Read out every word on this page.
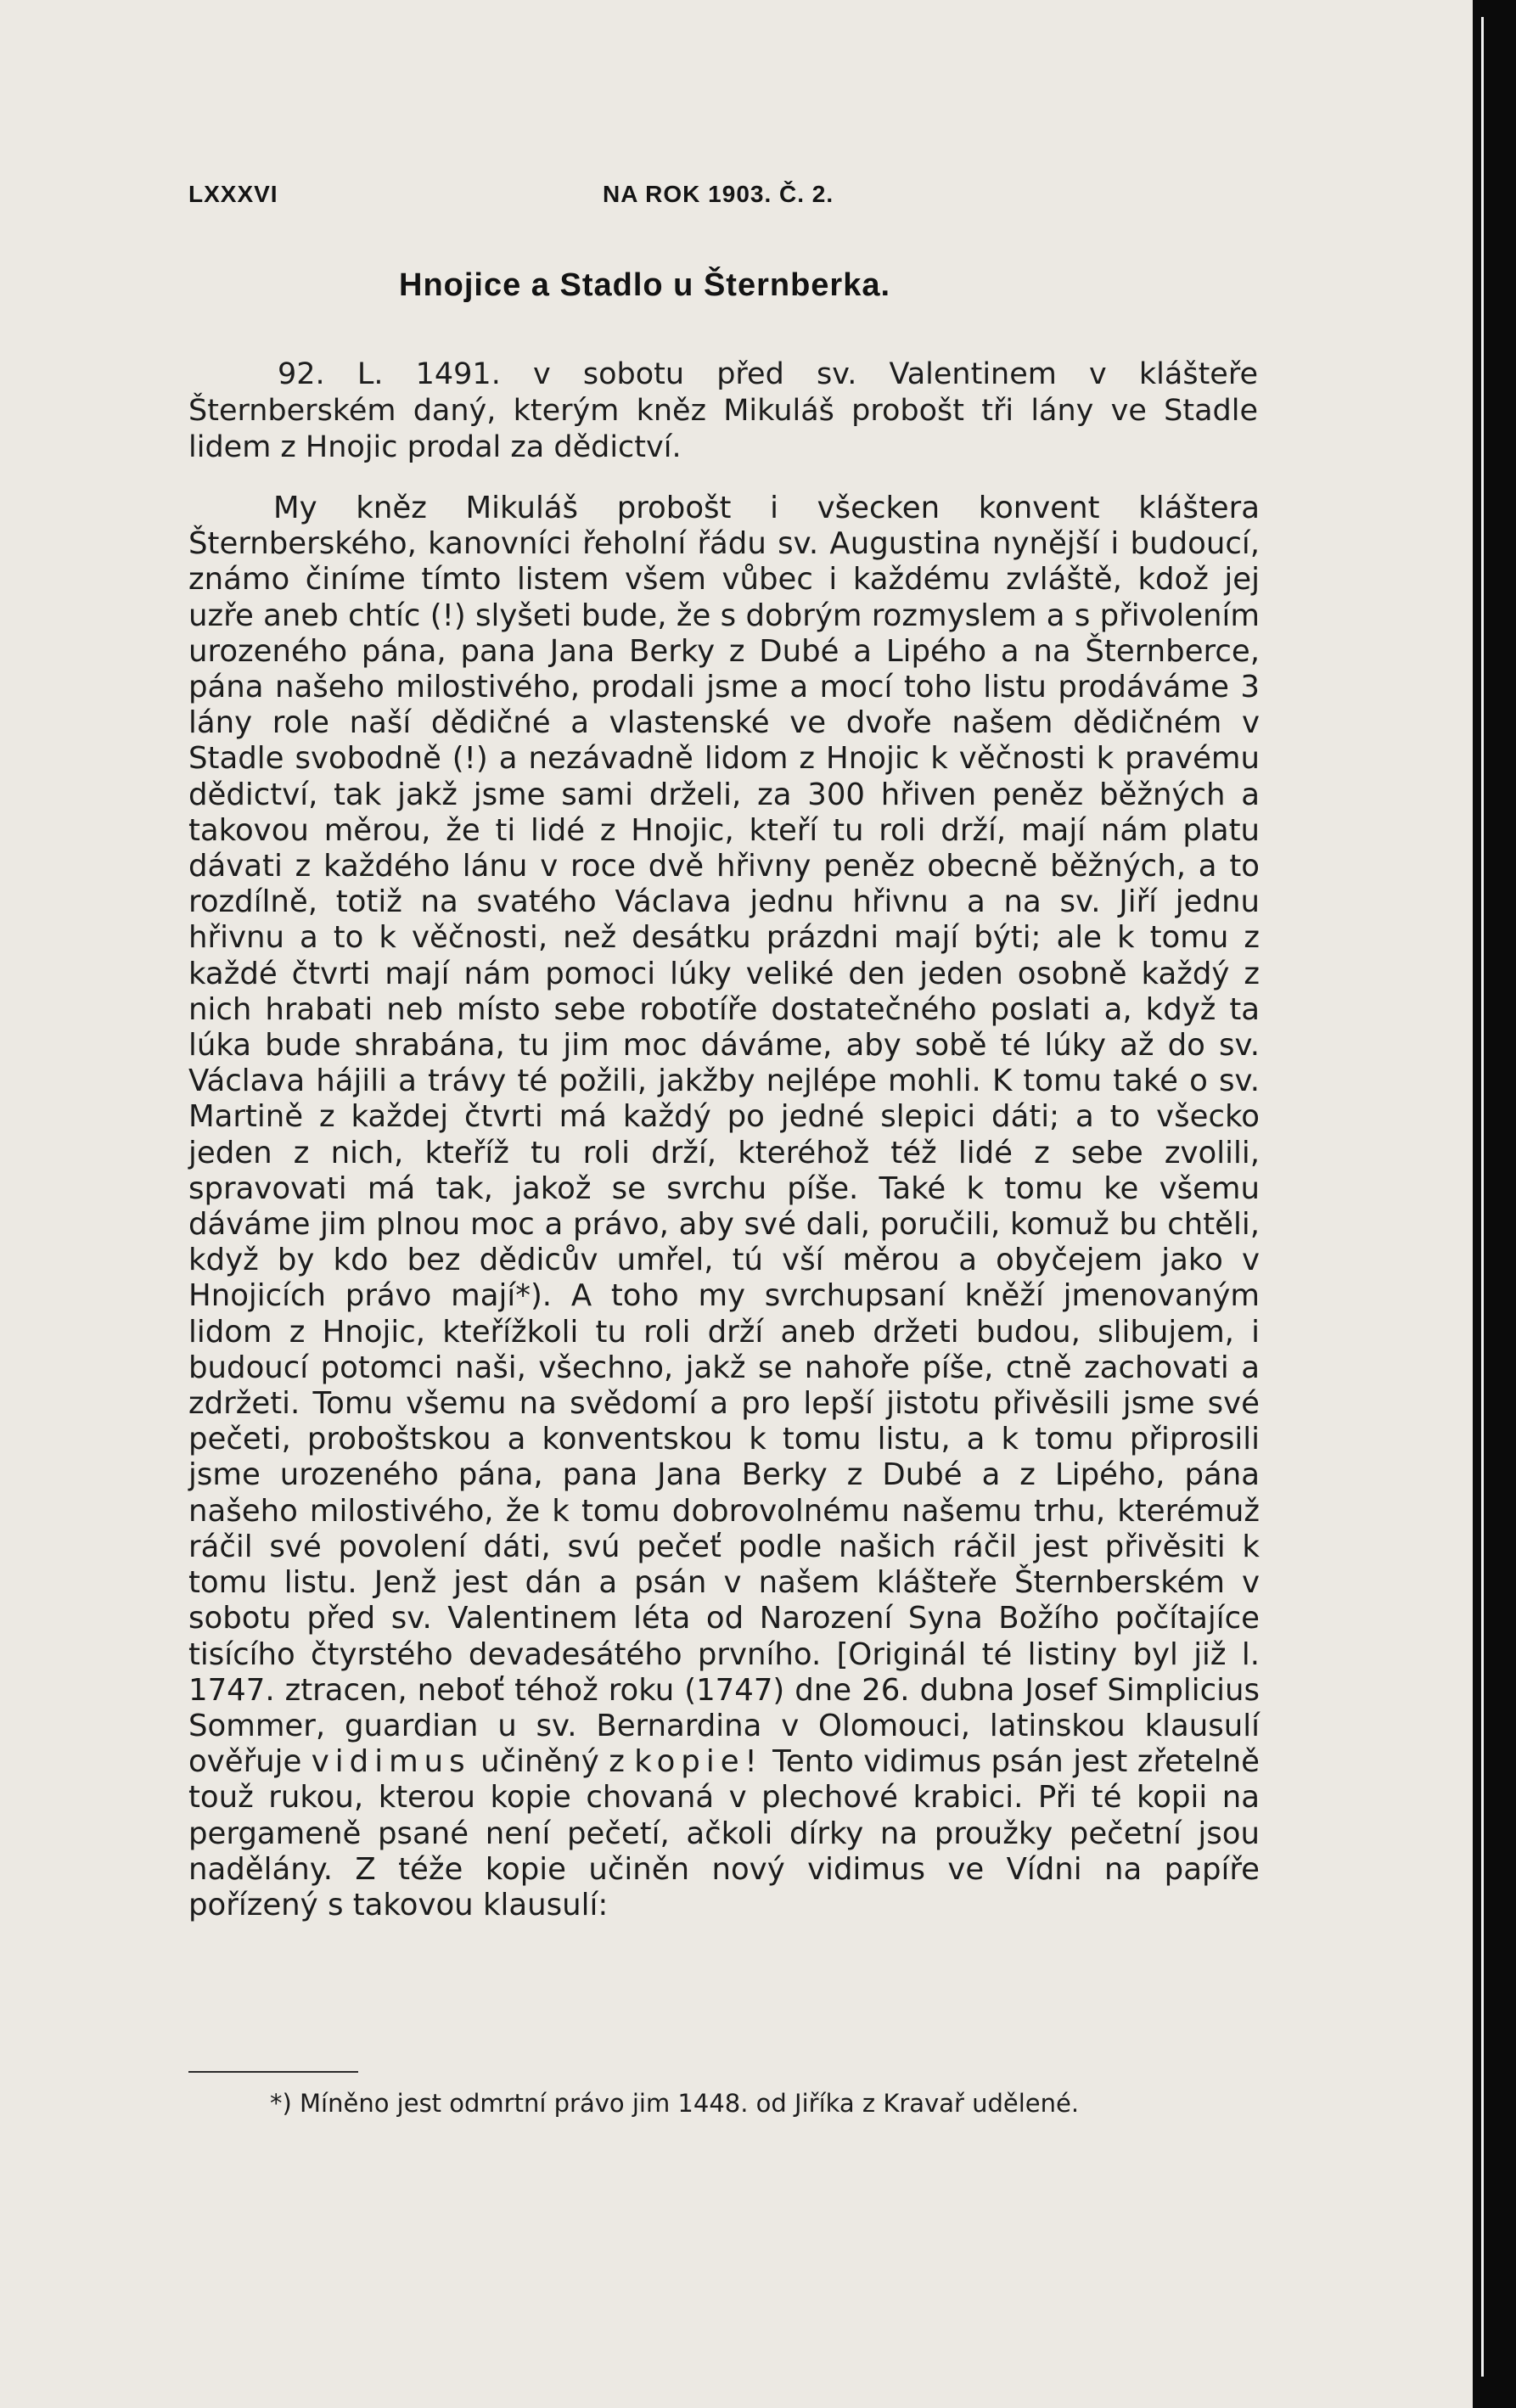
LXXXVI	NA ROK 1903. Č. 2.
Hnojice a Stadlo u Šternberka.
92. L. 1491. v sobotu před sv. Valentinem v klášteře Šternberském daný, kterým kněz Mikuláš probošt tři lány ve Stadle lidem z Hnojic prodal za dědictví.
My kněz Mikuláš probošt i všecken konvent kláštera Šternberského, kanovníci řeholní řádu sv. Augustina nynější i budoucí, známo činíme tímto listem všem vůbec i každému zvláště, kdož jej uzře aneb chtíc (!) slyšeti bude, že s dobrým rozmyslem a s přivolením urozeného pána, pana Jana Berky z Dubé a Lipého a na Šternberce, pána našeho milostivého, prodali jsme a mocí toho listu prodáváme 3 lány role naší dědičné a vlastenské ve dvoře našem dědičném v Stadle svobodně (!) a nezávadně lidom z Hnojic k věčnosti k pravému dědictví, tak jakž jsme sami drželi, za 300 hřiven peněz běžných a takovou měrou, že ti lidé z Hnojic, kteří tu roli drží, mají nám platu dávati z každého lánu v roce dvě hřivny peněz obecně běžných, a to rozdílně, totiž na svatého Václava jednu hřivnu a na sv. Jiří jednu hřivnu a to k věčnosti, než desátku prázdni mají býti; ale k tomu z každé čtvrti mají nám pomoci lúky veliké den jeden osobně každý z nich hrabati neb místo sebe robotíře dostatečného poslati a, když ta lúka bude shrabána, tu jim moc dáváme, aby sobě té lúky až do sv. Václava hájili a trávy té požili, jakžby nejlépe mohli. K tomu také o sv. Martině z každej čtvrti má každý po jedné slepici dáti; a to všecko jeden z nich, kteříž tu roli drží, kteréhož též lidé z sebe zvolili, spravovati má tak, jakož se svrchu píše. Také k tomu ke všemu dáváme jim plnou moc a právo, aby své dali, poručili, komuž bu chtěli, když by kdo bez dědicův umřel, tú vší měrou a obyčejem jako v Hnojicích právo mají*). A toho my svrchupsaní kněží jmenovaným lidom z Hnojic, kteřížkoli tu roli drží aneb držeti budou, slibujem, i budoucí potomci naši, všechno, jakž se nahoře píše, ctně zachovati a zdržeti. Tomu všemu na svědomí a pro lepší jistotu přivěsili jsme své pečeti, proboštskou a konventskou k tomu listu, a k tomu připrosili jsme urozeného pána, pana Jana Berky z Dubé a z Lipého, pána našeho milostivého, že k tomu dobrovolnému našemu trhu, kterémuž ráčil své povolení dáti, svú pečeť podle našich ráčil jest přivěsiti k tomu listu. Jenž jest dán a psán v našem klášteře Šternberském v sobotu před sv. Valentinem léta od Narození Syna Božího počítajíce tisícího čtyrstého devadesátého prvního. [Originál té listiny byl již l. 1747. ztracen, neboť téhož roku (1747) dne 26. dubna Josef Simplicius Sommer, guardian u sv. Bernardina v Olomouci, latinskou klausulí ověřuje vidimus učiněný z kopie! Tento vidimus psán jest zřetelně touž rukou, kterou kopie chovaná v plechové krabici. Při té kopii na pergameně psané není pečetí, ačkoli dírky na proužky pečetní jsou nadělány. Z téže kopie učiněn nový vidimus ve Vídni na papíře pořízený s takovou klausulí:
*) Míněno jest odmrtní právo jim 1448. od Jiříka z Kravař udělené.
